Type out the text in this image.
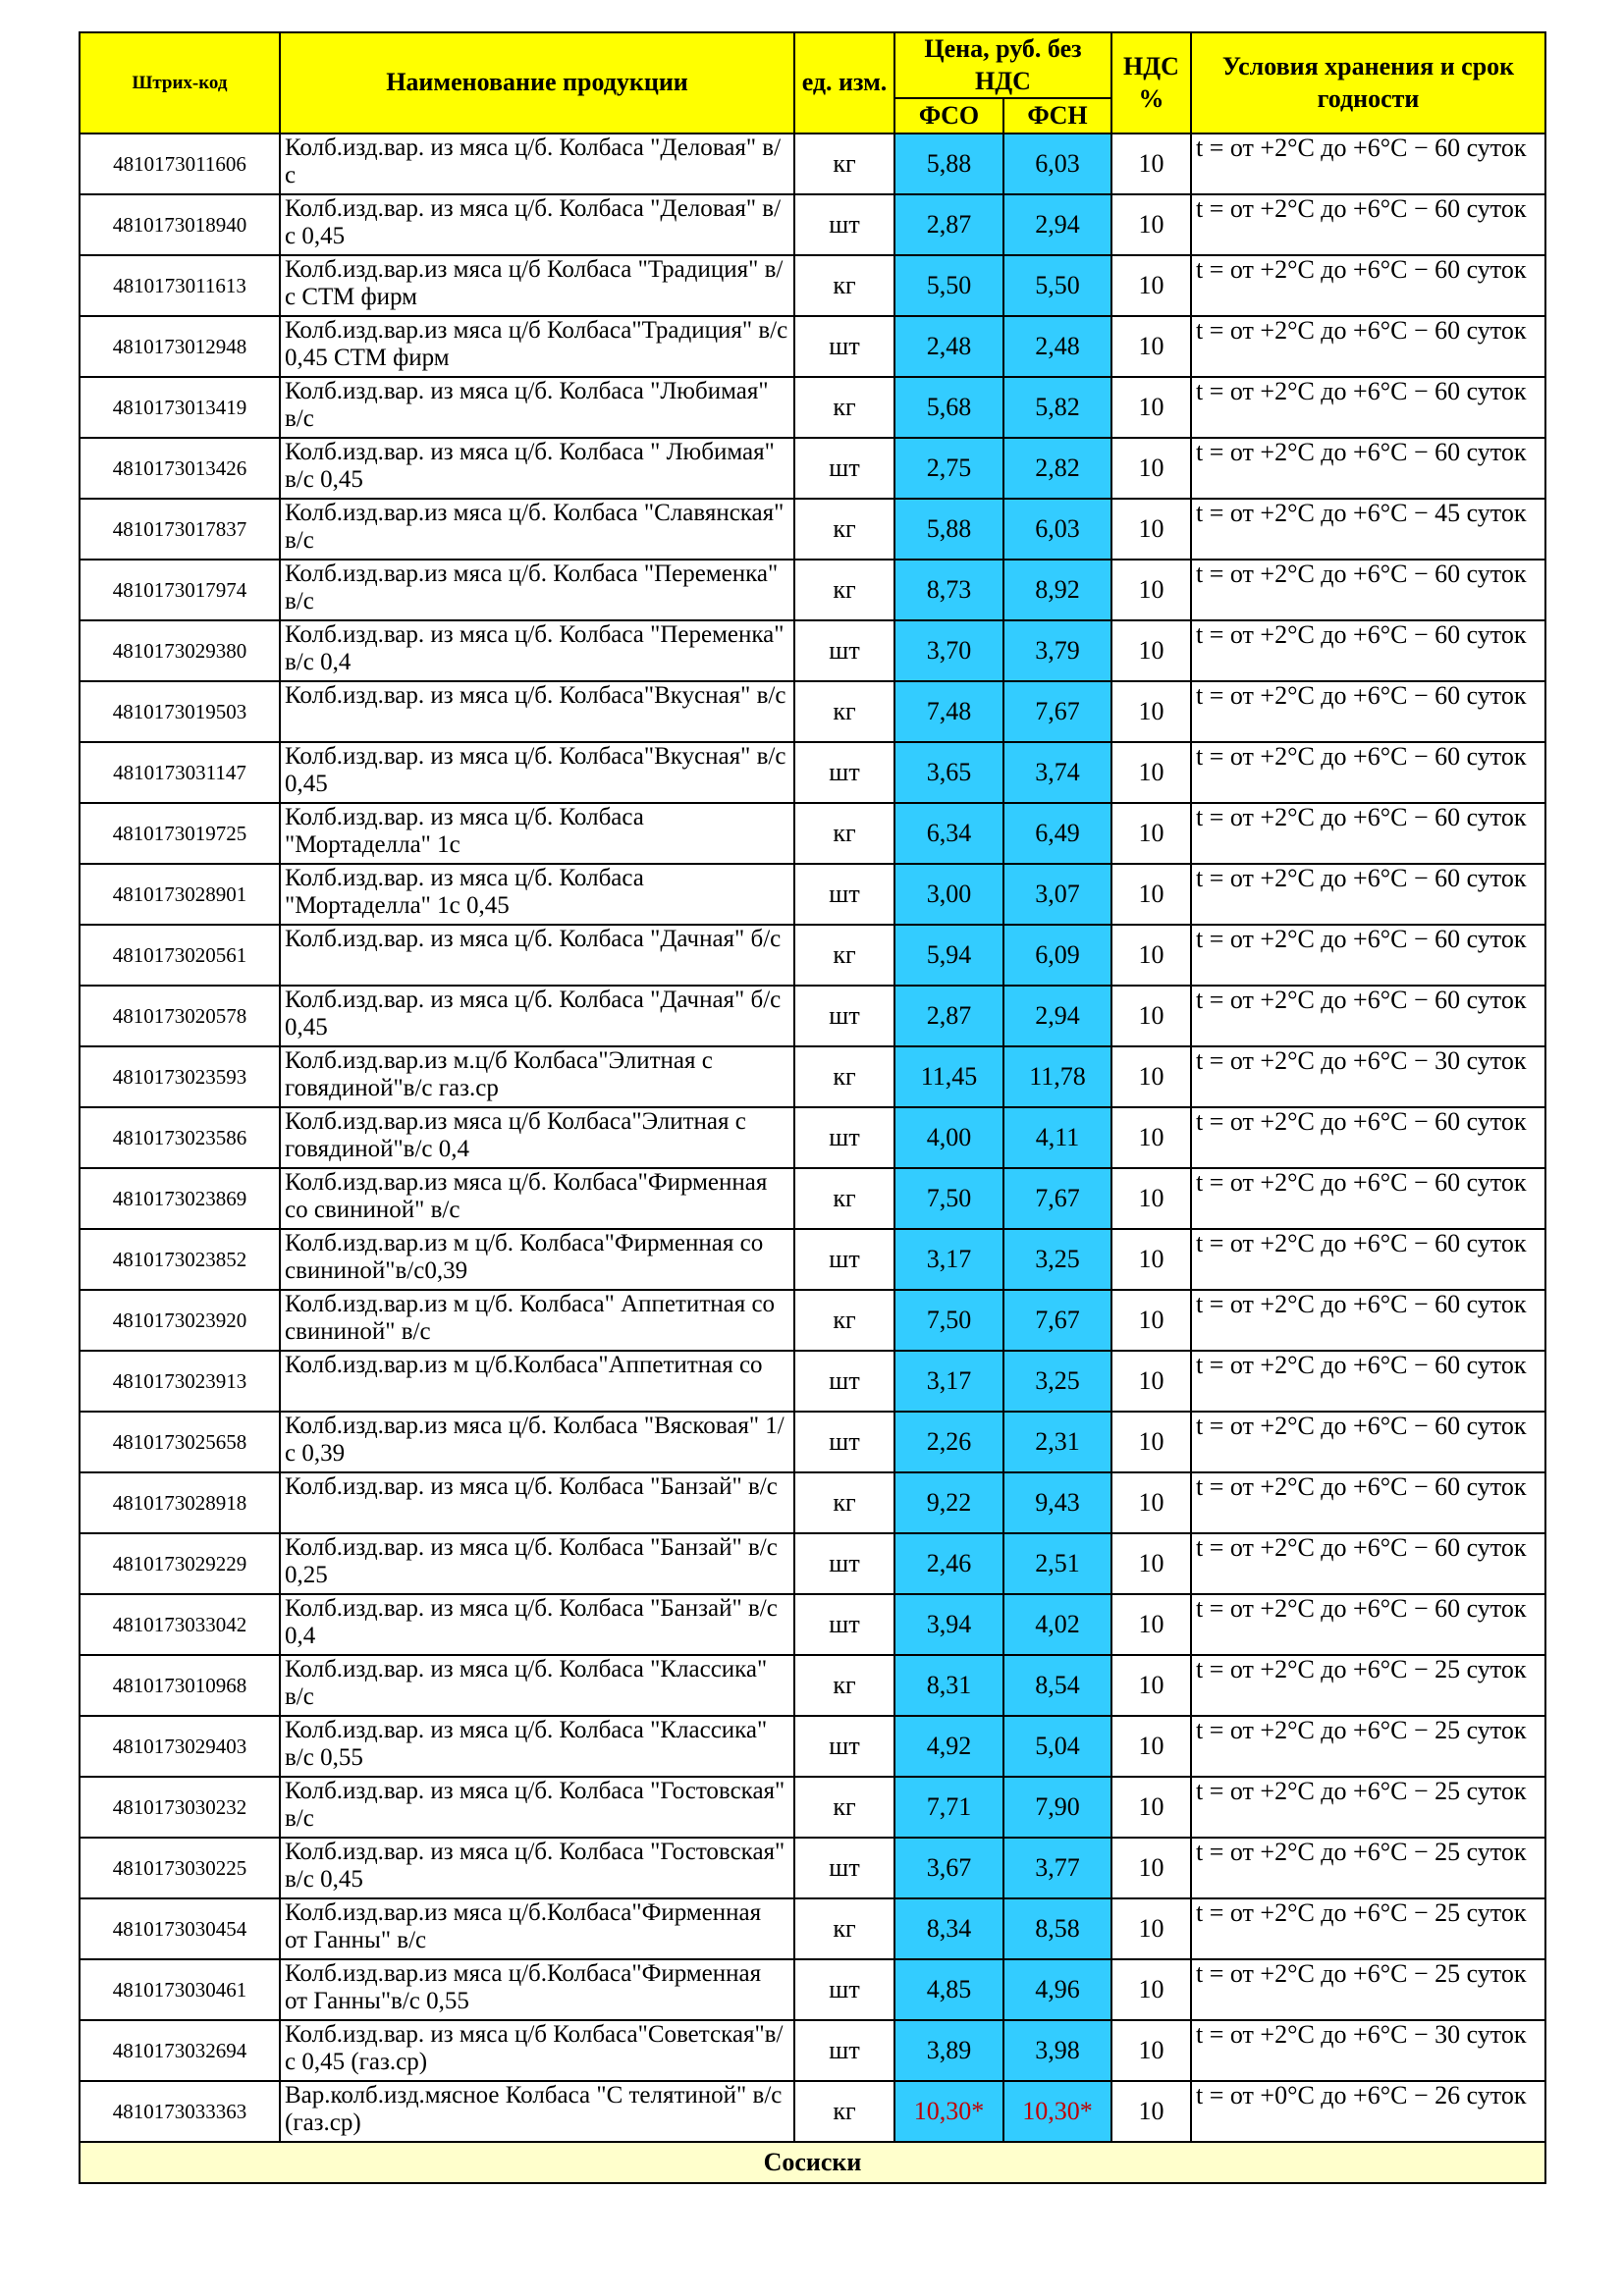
Штрих-код	Наименование продукции	ед. изм.	Цена, руб. без НДС		НДС %	Условия хранения и срок годности
			ФСО	ФСН		
4810173011606	Колб.изд.вар. из мяса ц/б. Колбаса "Деловая" в/с	кг	5,88	6,03	10	t = от +2°С до +6°С − 60 суток

4810173018940	Колб.изд.вар. из мяса ц/б. Колбаса "Деловая" в/с 0,45	шт	2,87	2,94	10	t = от +2°С до +6°С − 60 суток

4810173011613	Колб.изд.вар.из мяса ц/б Колбаса "Традиция" в/с СТМ фирм	кг	5,50	5,50	10	t = от +2°С до +6°С − 60 суток

4810173012948	Колб.изд.вар.из мяса ц/б Колбаса"Традиция" в/с 0,45 СТМ фирм	шт	2,48	2,48	10	t = от +2°С до +6°С − 60 суток

4810173013419	Колб.изд.вар. из мяса ц/б. Колбаса "Любимая" в/с	кг	5,68	5,82	10	t = от +2°С до +6°С − 60 суток

4810173013426	Колб.изд.вар. из мяса ц/б. Колбаса " Любимая" в/с 0,45	шт	2,75	2,82	10	t = от +2°С до +6°С − 60 суток

4810173017837	Колб.изд.вар.из мяса ц/б. Колбаса "Славянская" в/с	кг	5,88	6,03	10	t = от +2°С до +6°С − 45 суток

4810173017974	Колб.изд.вар.из мяса ц/б. Колбаса "Переменка" в/с	кг	8,73	8,92	10	t = от +2°С до +6°С − 60 суток

4810173029380	Колб.изд.вар. из мяса ц/б. Колбаса "Переменка" в/с 0,4	шт	3,70	3,79	10	t = от +2°С до +6°С − 60 суток

4810173019503	Колб.изд.вар. из мяса ц/б. Колбаса"Вкусная" в/с	кг	7,48	7,67	10	t = от +2°С до +6°С − 60 суток

4810173031147	Колб.изд.вар. из мяса ц/б. Колбаса"Вкусная" в/с 0,45	шт	3,65	3,74	10	t = от +2°С до +6°С − 60 суток

4810173019725	Колб.изд.вар. из мяса ц/б. Колбаса "Мортаделла" 1с	кг	6,34	6,49	10	t = от +2°С до +6°С − 60 суток

4810173028901	Колб.изд.вар. из мяса ц/б. Колбаса "Мортаделла" 1с 0,45	шт	3,00	3,07	10	t = от +2°С до +6°С − 60 суток

4810173020561	Колб.изд.вар. из мяса ц/б. Колбаса "Дачная" б/с	кг	5,94	6,09	10	t = от +2°С до +6°С − 60 суток

4810173020578	Колб.изд.вар. из мяса ц/б. Колбаса "Дачная" б/с 0,45	шт	2,87	2,94	10	t = от +2°С до +6°С − 60 суток

4810173023593	Колб.изд.вар.из м.ц/б Колбаса"Элитная с говядиной"в/с газ.ср	кг	11,45	11,78	10	t = от +2°С до +6°С − 30 суток

4810173023586	Колб.изд.вар.из мяса ц/б Колбаса"Элитная с говядиной"в/с 0,4	шт	4,00	4,11	10	t = от +2°С до +6°С − 60 суток

4810173023869	Колб.изд.вар.из мяса ц/б. Колбаса"Фирменная со свининой" в/с	кг	7,50	7,67	10	t = от +2°С до +6°С − 60 суток

4810173023852	Колб.изд.вар.из м ц/б. Колбаса"Фирменная со свининой"в/с0,39	шт	3,17	3,25	10	t = от +2°С до +6°С − 60 суток

4810173023920	Колб.изд.вар.из м ц/б. Колбаса" Аппетитная со свининой" в/с	кг	7,50	7,67	10	t = от +2°С до +6°С − 60 суток

4810173023913	Колб.изд.вар.из м ц/б.Колбаса"Аппетитная со	шт	3,17	3,25	10	t = от +2°С до +6°С − 60 суток

4810173025658	Колб.изд.вар.из мяса ц/б. Колбаса "Вясковая" 1/с 0,39	шт	2,26	2,31	10	t = от +2°С до +6°С − 60 суток

4810173028918	Колб.изд.вар. из мяса ц/б. Колбаса "Банзай" в/с	кг	9,22	9,43	10	t = от +2°С до +6°С − 60 суток

4810173029229	Колб.изд.вар. из мяса ц/б. Колбаса "Банзай" в/с 0,25	шт	2,46	2,51	10	t = от +2°С до +6°С − 60 суток

4810173033042	Колб.изд.вар. из мяса ц/б. Колбаса "Банзай" в/с 0,4	шт	3,94	4,02	10	t = от +2°С до +6°С − 60 суток

4810173010968	Колб.изд.вар. из мяса ц/б. Колбаса "Классика" в/с	кг	8,31	8,54	10	t = от +2°С до +6°С − 25 суток

4810173029403	Колб.изд.вар. из мяса ц/б. Колбаса "Классика" в/с 0,55	шт	4,92	5,04	10	t = от +2°С до +6°С − 25 суток

4810173030232	Колб.изд.вар. из мяса ц/б. Колбаса "Гостовская" в/с	кг	7,71	7,90	10	t = от +2°С до +6°С − 25 суток

4810173030225	Колб.изд.вар. из мяса ц/б. Колбаса "Гостовская" в/с 0,45	шт	3,67	3,77	10	t = от +2°С до +6°С − 25 суток

4810173030454	Колб.изд.вар.из мяса ц/б.Колбаса"Фирменная от Ганны" в/с	кг	8,34	8,58	10	t = от +2°С до +6°С − 25 суток

4810173030461	Колб.изд.вар.из мяса ц/б.Колбаса"Фирменная от Ганны"в/с 0,55	шт	4,85	4,96	10	t = от +2°С до +6°С − 25 суток

4810173032694	Колб.изд.вар. из мяса ц/б Колбаса"Советская"в/с 0,45 (газ.ср)	шт	3,89	3,98	10	t = от +2°С до +6°С − 30 суток

4810173033363	Вар.колб.изд.мясное Колбаса "С телятиной" в/с (газ.ср)	кг	10,30*	10,30*	10	t = от +0°С до +6°С − 26 суток

Сосиски						
